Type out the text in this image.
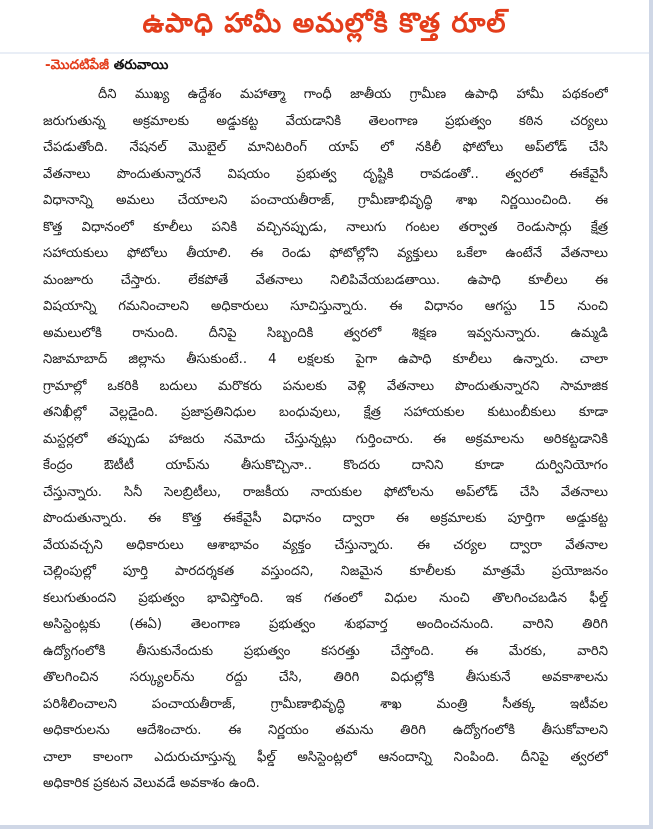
ఉపాధి హామీ అమల్లోకి కొత్త రూల్
-మొదటిపేజీ తరువాయి
దీని ముఖ్య ఉద్దేశం మహాత్మా గాంధీ జాతీయ గ్రామీణ ఉపాధి హామీ పథకంలో
జరుగుతున్న అక్రమాలకు అడ్డుకట్ట వేయడానికి తెలంగాణ ప్రభుత్వం కఠిన చర్యలు
చేపడుతోంది. నేషనల్ మొబైల్ మానిటరింగ్ యాప్ లో నకిలీ ఫోటోలు అప్‌లోడ్ చేసి
వేతనాలు పొందుతున్నారనే విషయం ప్రభుత్వ దృష్టికి రావడంతో.. త్వరలో ఈకేవైసీ
విధానాన్ని అమలు చేయాలని పంచాయతీరాజ్, గ్రామీణాభివృద్ధి శాఖ నిర్ణయించింది. ఈ
కొత్త విధానంలో కూలీలు పనికి వచ్చినప్పుడు, నాలుగు గంటల తర్వాత రెండుసార్లు క్షేత్ర
సహాయకులు ఫోటోలు తీయాలి. ఈ రెండు ఫోటోల్లోని వ్యక్తులు ఒకేలా ఉంటేనే వేతనాలు
మంజూరు చేస్తారు. లేకపోతే వేతనాలు నిలిపివేయబడతాయి. ఉపాధి కూలీలు ఈ
విషయాన్ని గమనించాలని అధికారులు సూచిస్తున్నారు. ఈ విధానం ఆగస్టు 15 నుంచి
అమలులోకి రానుంది. దీనిపై సిబ్బందికి త్వరలో శిక్షణ ఇవ్వనున్నారు. ఉమ్మడి
నిజామాబాద్ జిల్లాను తీసుకుంటే.. 4 లక్షలకు పైగా ఉపాధి కూలీలు ఉన్నారు. చాలా
గ్రామాల్లో ఒకరికి బదులు మరొకరు పనులకు వెళ్లి వేతనాలు పొందుతున్నారని సామాజిక
తనిఖీల్లో వెల్లడైంది. ప్రజాప్రతినిధుల బంధువులు, క్షేత్ర సహాయకుల కుటుంబీకులు కూడా
మస్టర్లలో తప్పుడు హాజరు నమోదు చేస్తున్నట్లు గుర్తించారు. ఈ అక్రమాలను అరికట్టడానికి
కేంద్రం ఔటీటీ యాప్‌ను తీసుకొచ్చినా.. కొందరు దానిని కూడా దుర్వినియోగం
చేస్తున్నారు. సినీ సెలబ్రిటీలు, రాజకీయ నాయకుల ఫోటోలను అప్‌లోడ్ చేసి వేతనాలు
పొందుతున్నారు. ఈ కొత్త ఈకేవైసీ విధానం ద్వారా ఈ అక్రమాలకు పూర్తిగా అడ్డుకట్ట
వేయవచ్చని అధికారులు ఆశాభావం వ్యక్తం చేస్తున్నారు. ఈ చర్యల ద్వారా వేతనాల
చెల్లింపుల్లో పూర్తి పారదర్శకత వస్తుందని, నిజమైన కూలీలకు మాత్రమే ప్రయోజనం
కలుగుతుందని ప్రభుత్వం భావిస్తోంది. ఇక గతంలో విధుల నుంచి తొలగించబడిన ఫీల్డ్
అసిస్టెంట్లకు (ఈఏ) తెలంగాణ ప్రభుత్వం శుభవార్త అందించనుంది. వారిని తిరిగి
ఉద్యోగంలోకి తీసుకునేందుకు ప్రభుత్వం కసరత్తు చేస్తోంది. ఈ మేరకు, వారిని
తొలగించిన సర్క్యులర్‌ను రద్దు చేసి, తిరిగి విధుల్లోకి తీసుకునే అవకాశాలను
పరిశీలించాలని పంచాయతీరాజ్, గ్రామీణాభివృద్ధి శాఖ మంత్రి సీతక్క ఇటీవల
అధికారులను ఆదేశించారు. ఈ నిర్ణయం తమను తిరిగి ఉద్యోగంలోకి తీసుకోవాలని
చాలా కాలంగా ఎదురుచూస్తున్న ఫీల్డ్ అసిస్టెంట్లలో ఆనందాన్ని నింపింది. దీనిపై త్వరలో
అధికారిక ప్రకటన వెలువడే అవకాశం ఉంది.
